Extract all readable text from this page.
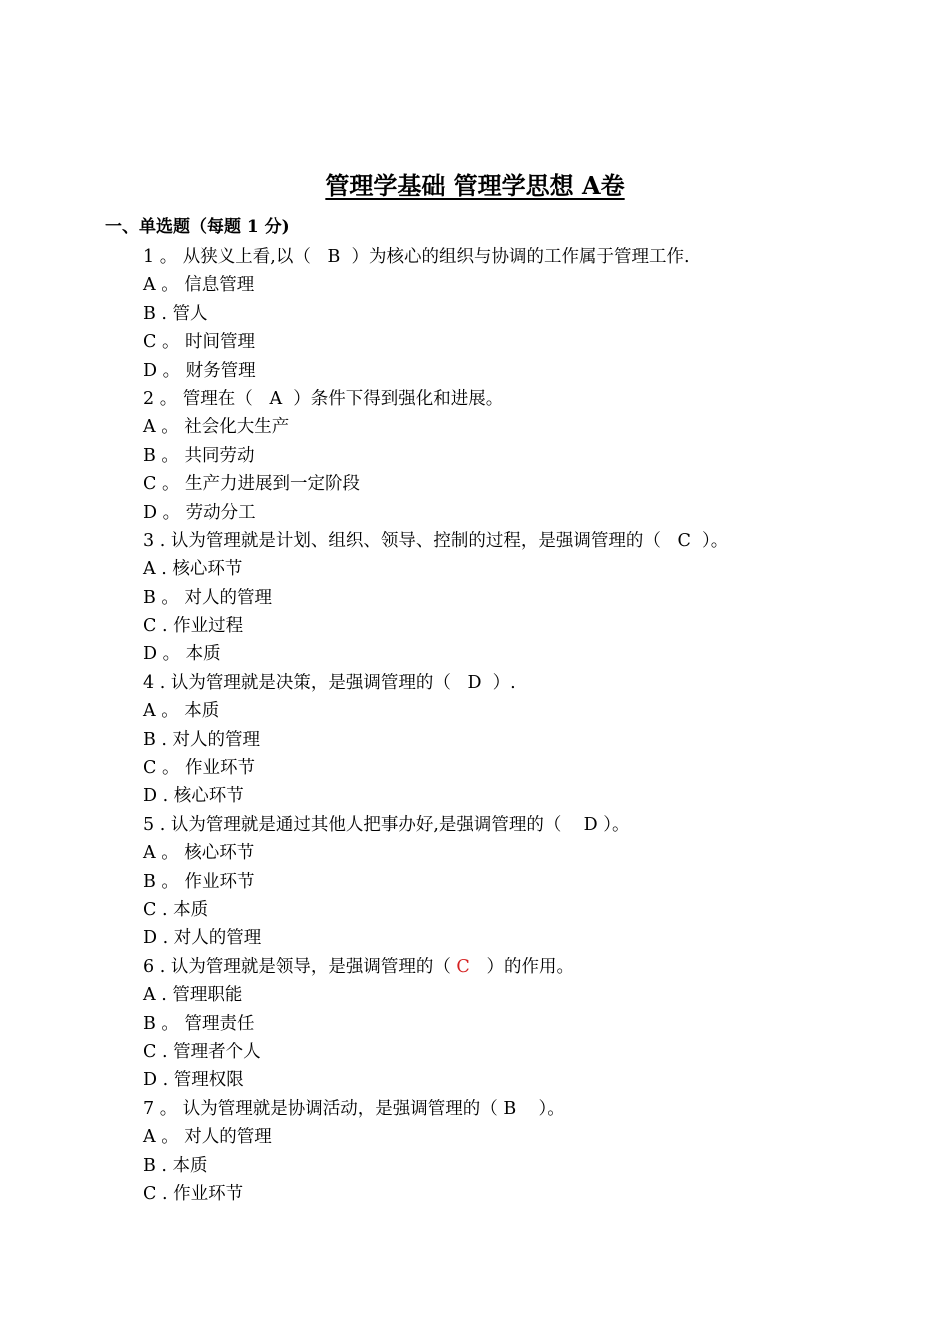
管理学基础 管理学思想 A卷
一、单选题（每题 1 分)
1 。 从狭义上看,以（   B  ）为核心的组织与协调的工作属于管理工作.
A 。 信息管理
B . 管人
C 。 时间管理
D 。 财务管理
2 。 管理在（   A  ）条件下得到强化和进展。
A 。 社会化大生产
B 。 共同劳动
C 。 生产力进展到一定阶段
D 。 劳动分工
3 . 认为管理就是计划、组织、领导、控制的过程，是强调管理的（   C  ）。
A . 核心环节
B 。 对人的管理
C . 作业过程
D 。 本质
4 . 认为管理就是决策，是强调管理的（   D  ）.
A 。 本质
B . 对人的管理
C 。 作业环节
D . 核心环节
5 . 认为管理就是通过其他人把事办好,是强调管理的（    D ）。
A 。 核心环节
B 。 作业环节
C . 本质
D . 对人的管理
6 . 认为管理就是领导，是强调管理的（ C   ）的作用。
A . 管理职能
B 。 管理责任
C . 管理者个人
D . 管理权限
7 。 认为管理就是协调活动，是强调管理的（ B    ）。
A 。 对人的管理
B . 本质
C . 作业环节
